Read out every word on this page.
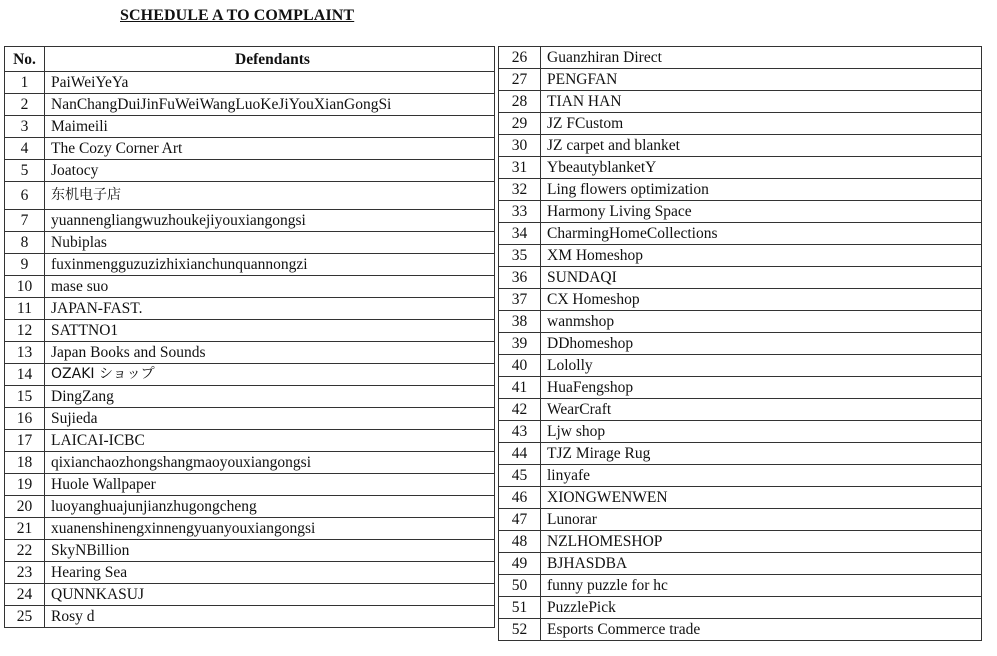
SCHEDULE A TO COMPLAINT
No.	Defendants
1	PaiWeiYeYa
2	NanChangDuiJinFuWeiWangLuoKeJiYouXianGongSi
3	Maimeili
4	The Cozy Corner Art
5	Joatocy
6	东机电子店
7	yuannengliangwuzhoukejiyouxiangongsi
8	Nubiplas
9	fuxinmengguzuzizhixianchunquannongzi
10	mase suo
11	JAPAN-FAST.
12	SATTNO1
13	Japan Books and Sounds
14	OZAKI ショップ
15	DingZang
16	Sujieda
17	LAICAI-ICBC
18	qixianchaozhongshangmaoyouxiangongsi
19	Huole Wallpaper
20	luoyanghuajunjianzhugongcheng
21	xuanenshinengxinnengyuanyouxiangongsi
22	SkyNBillion
23	Hearing Sea
24	QUNNKASUJ
25	Rosy d
26	Guanzhiran Direct
27	PENGFAN
28	TIAN HAN
29	JZ FCustom
30	JZ carpet and blanket
31	YbeautyblanketY
32	Ling flowers optimization
33	Harmony Living Space
34	CharmingHomeCollections
35	XM Homeshop
36	SUNDAQI
37	CX Homeshop
38	wanmshop
39	DDhomeshop
40	Lololly
41	HuaFengshop
42	WearCraft
43	Ljw shop
44	TJZ Mirage Rug
45	linyafe
46	XIONGWENWEN
47	Lunorar
48	NZLHOMESHOP
49	BJHASDBA
50	funny puzzle for hc
51	PuzzlePick
52	Esports Commerce trade
